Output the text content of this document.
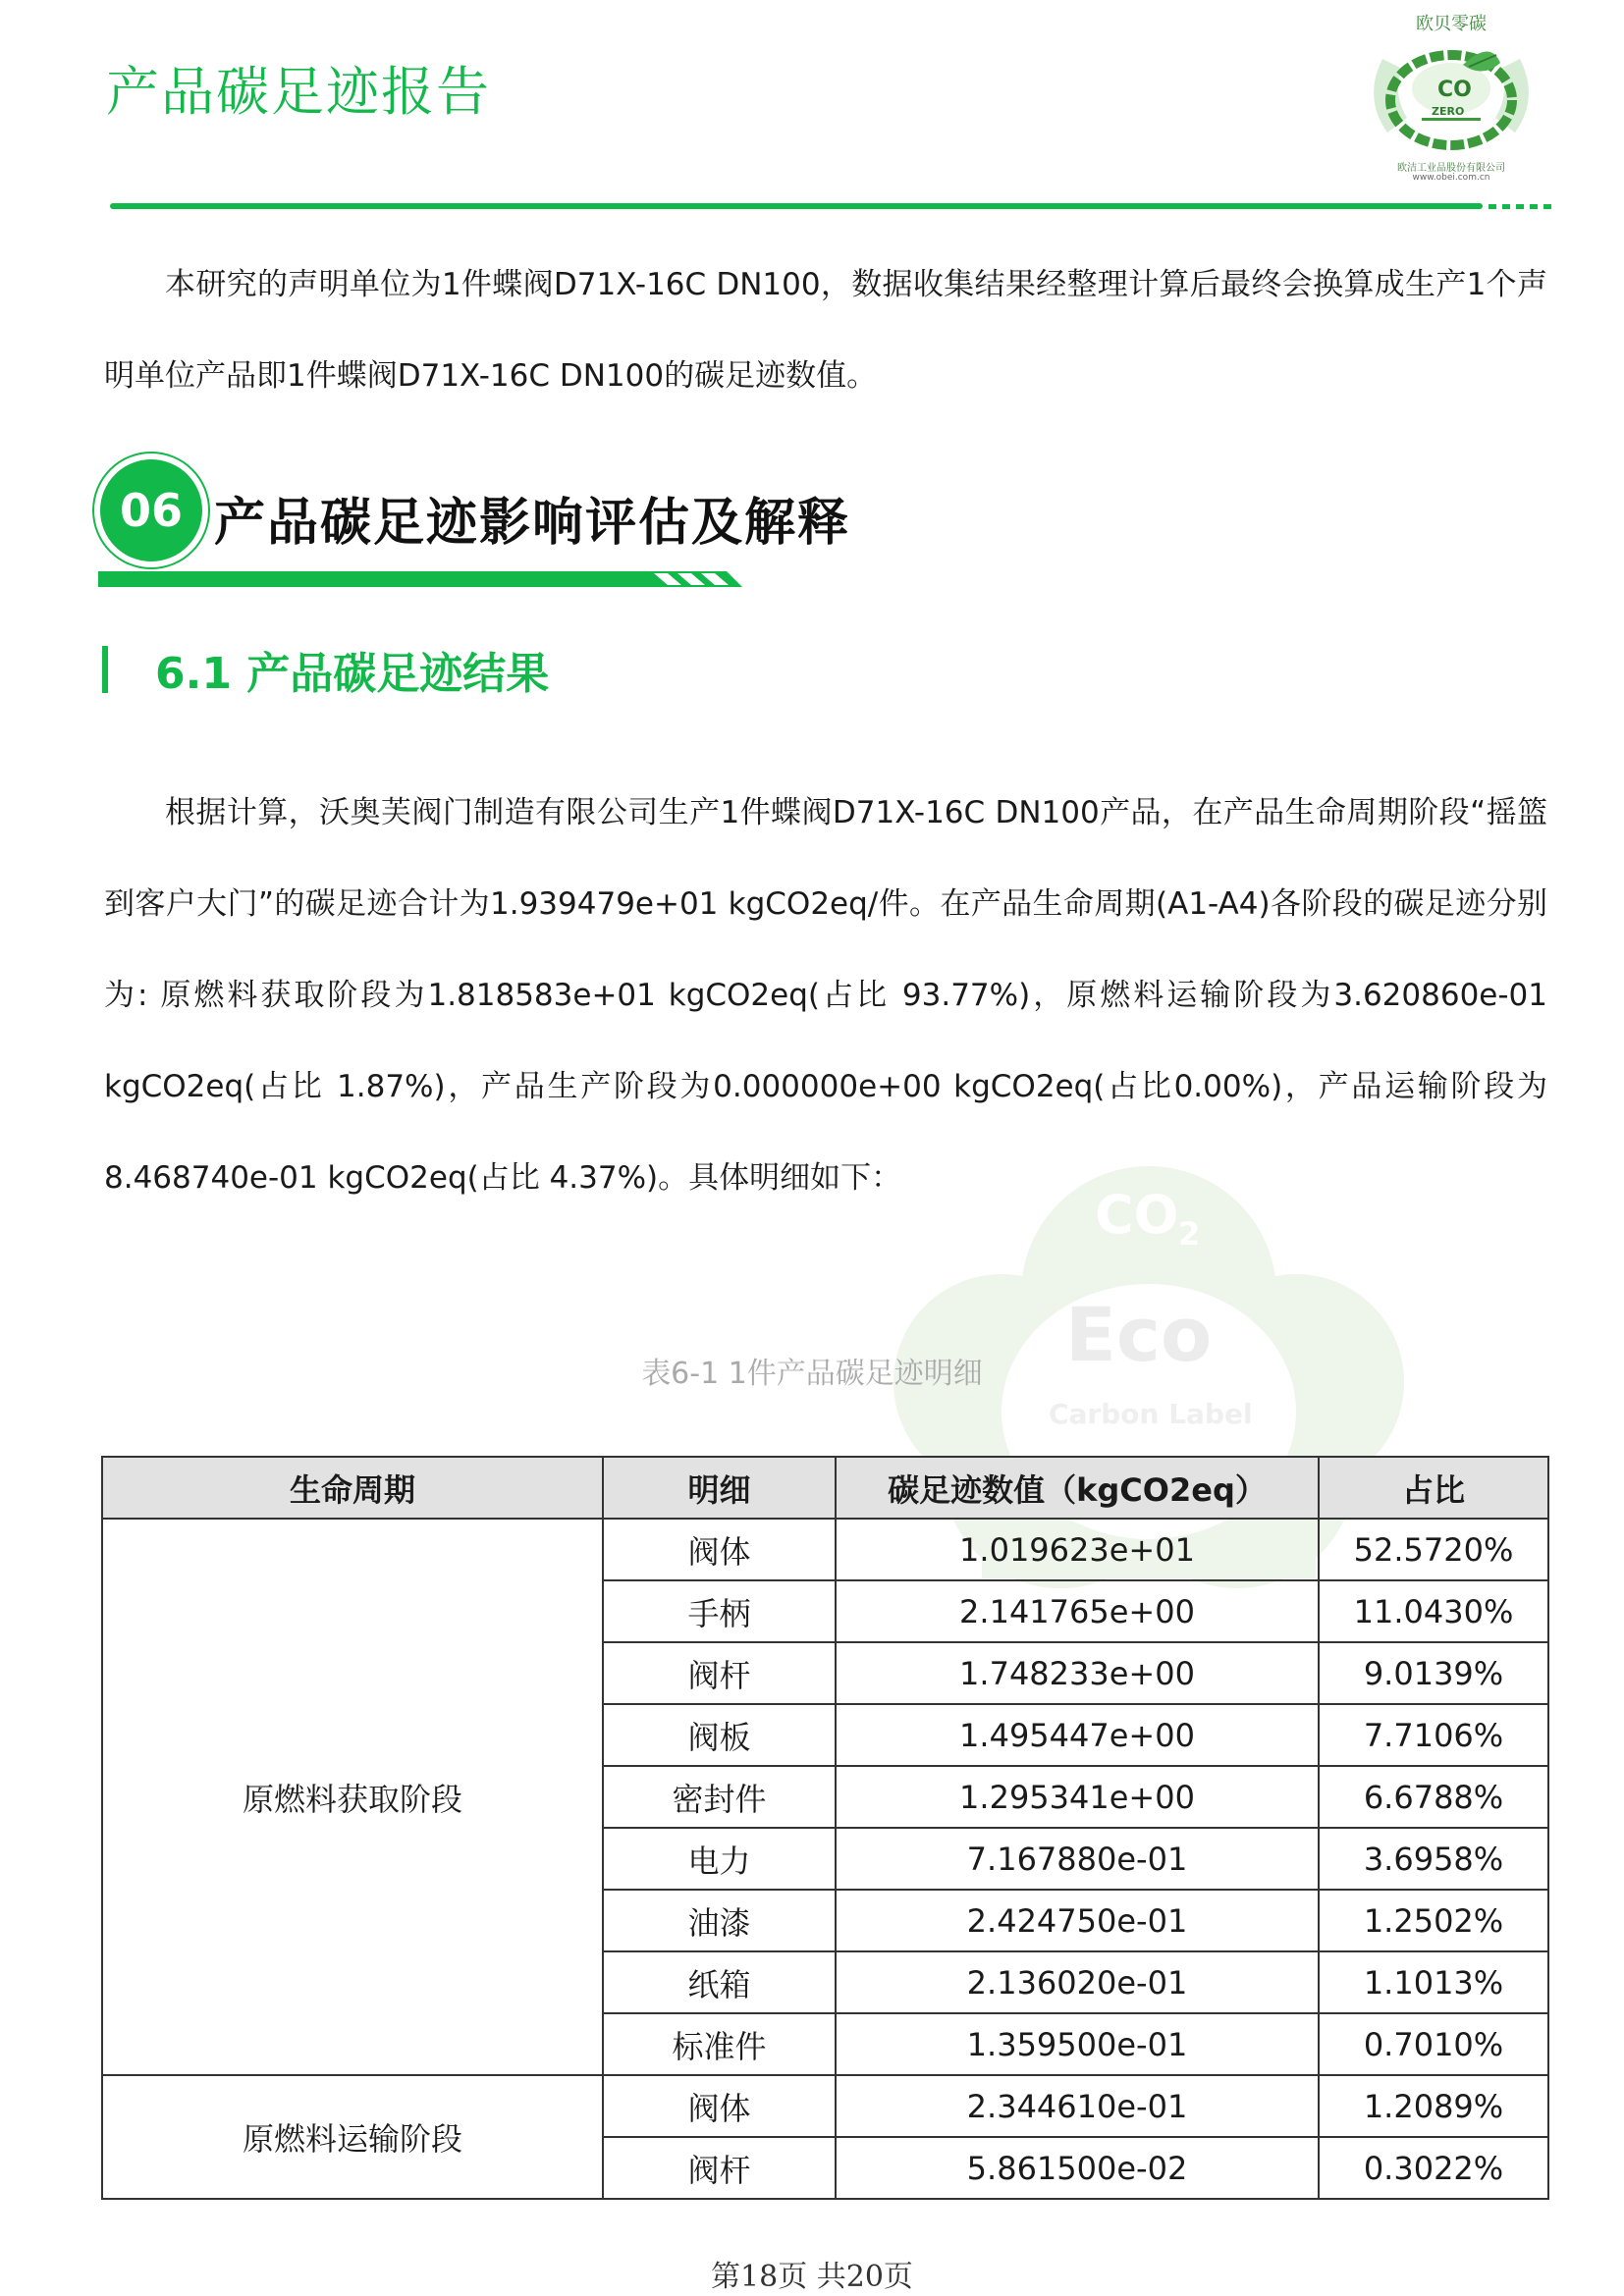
产品碳足迹报告
欧贝零碳
CO
ZERO
欧洁工业品股份有限公司
www.obei.com.cn

本研究的声明单位为1件蝶阀D71X-16C DN100，数据收集结果经整理计算后最终会换算成生产1个声明单位产品即1件蝶阀D71X-16C DN100的碳足迹数值。

06 产品碳足迹影响评估及解释
6.1 产品碳足迹结果
CO 2
Eco
Carbon Label

根据计算，沃奥芙阀门制造有限公司生产1件蝶阀D71X-16C DN100产品，在产品生命周期阶段“摇篮到客户大门”的碳足迹合计为1.939479e+01 kgCO2eq/件。在产品生命周期(A1-A4)各阶段的碳足迹分别为: 原燃料获取阶段为1.818583e+01 kgCO2eq(占比 93.77%)，原燃料运输阶段为3.620860e-01 kgCO2eq(占比 1.87%)，产品生产阶段为0.000000e+00 kgCO2eq(占比0.00%)，产品运输阶段为8.468740e-01 kgCO2eq(占比 4.37%)。具体明细如下：

表6-1 1件产品碳足迹明细
生命周期	明细	碳足迹数值（kgCO2eq）	占比
原燃料获取阶段	阀体	1.019623e+01	52.5720%
	手柄	2.141765e+00	11.0430%
	阀杆	1.748233e+00	9.0139%
	阀板	1.495447e+00	7.7106%
	密封件	1.295341e+00	6.6788%
	电力	7.167880e-01	3.6958%
	油漆	2.424750e-01	1.2502%
	纸箱	2.136020e-01	1.1013%
	标准件	1.359500e-01	0.7010%
原燃料运输阶段	阀体	2.344610e-01	1.2089%
	阀杆	5.861500e-02	0.3022%
第18页 共20页
